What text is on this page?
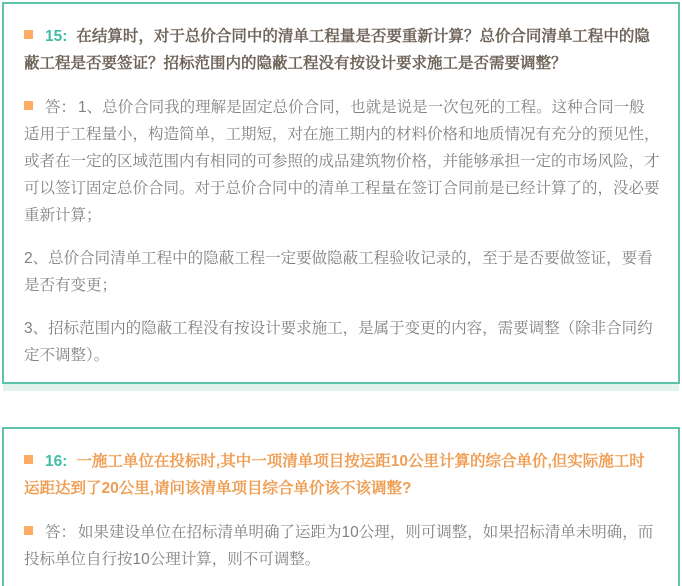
15: 在结算时，对于总价合同中的清单工程量是否要重新计算？总价合同清单工程中的隐蔽工程是否要签证？招标范围内的隐蔽工程没有按设计要求施工是否需要调整？

答： 1、总价合同我的理解是固定总价合同，也就是说是一次包死的工程。这种合同一般适用于工程量小，构造简单，工期短，对在施工期内的材料价格和地质情况有充分的预见性，或者在一定的区域范围内有相同的可参照的成品建筑物价格，并能够承担一定的市场风险，才可以签订固定总价合同。对于总价合同中的清单工程量在签订合同前是已经计算了的，没必要重新计算；

2、总价合同清单工程中的隐蔽工程一定要做隐蔽工程验收记录的，至于是否要做签证，要看是否有变更；

3、招标范围内的隐蔽工程没有按设计要求施工，是属于变更的内容，需要调整（除非合同约定不调整）。

16: 一施工单位在投标时,其中一项清单项目按运距10公里计算的综合单价,但实际施工时运距达到了20公里,请问该清单项目综合单价该不该调整?

答： 如果建设单位在招标清单明确了运距为10公理，则可调整，如果招标清单未明确，而投标单位自行按10公理计算，则不可调整。
